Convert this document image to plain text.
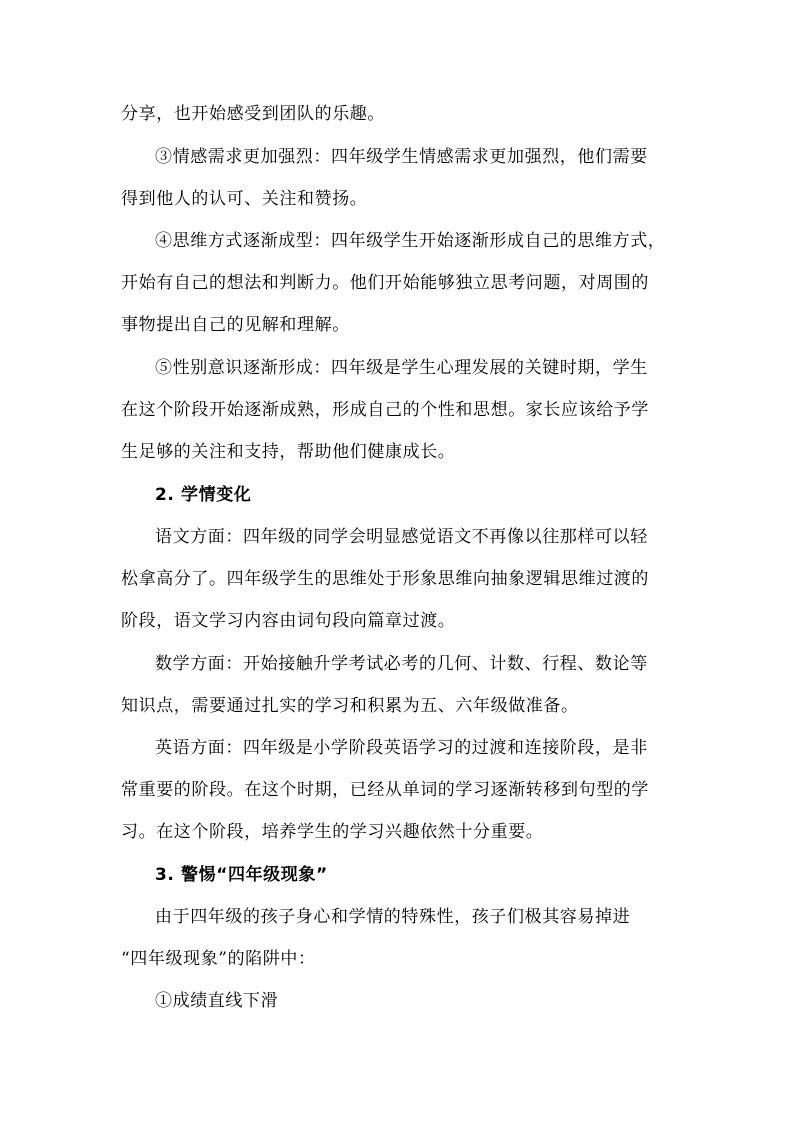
分享，也开始感受到团队的乐趣。
③情感需求更加强烈：四年级学生情感需求更加强烈，他们需要
得到他人的认可、关注和赞扬。
④思维方式逐渐成型：四年级学生开始逐渐形成自己的思维方式，
开始有自己的想法和判断力。他们开始能够独立思考问题，对周围的
事物提出自己的见解和理解。
⑤性别意识逐渐形成：四年级是学生心理发展的关键时期，学生
在这个阶段开始逐渐成熟，形成自己的个性和思想。家长应该给予学
生足够的关注和支持，帮助他们健康成长。
2. 学情变化
语文方面：四年级的同学会明显感觉语文不再像以往那样可以轻
松拿高分了。四年级学生的思维处于形象思维向抽象逻辑思维过渡的
阶段，语文学习内容由词句段向篇章过渡。
数学方面：开始接触升学考试必考的几何、计数、行程、数论等
知识点，需要通过扎实的学习和积累为五、六年级做准备。
英语方面：四年级是小学阶段英语学习的过渡和连接阶段，是非
常重要的阶段。在这个时期，已经从单词的学习逐渐转移到句型的学
习。在这个阶段，培养学生的学习兴趣依然十分重要。
3. 警惕“四年级现象”
由于四年级的孩子身心和学情的特殊性，孩子们极其容易掉进
“四年级现象”的陷阱中：
①成绩直线下滑
